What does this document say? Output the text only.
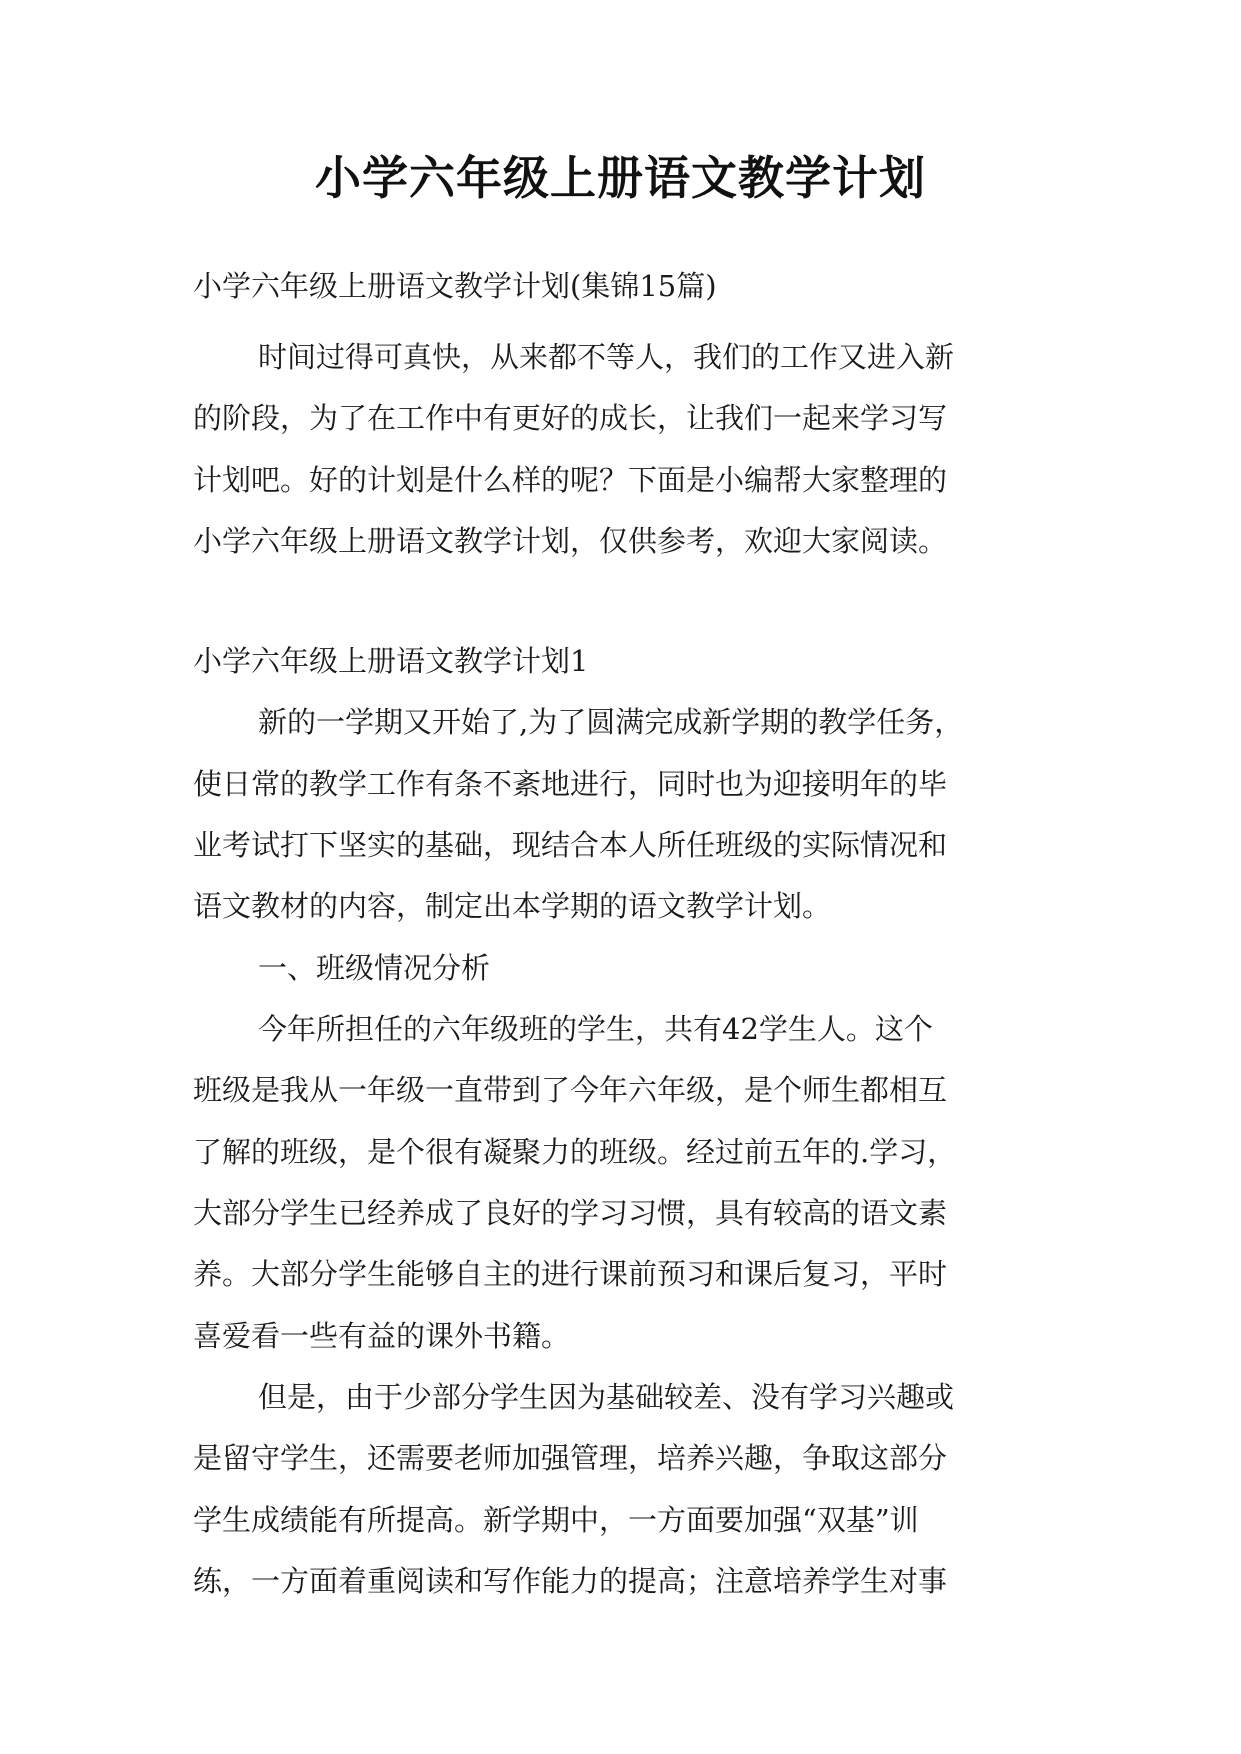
小学六年级上册语文教学计划

小学六年级上册语文教学计划(集锦15篇)

时间过得可真快，从来都不等人，我们的工作又进入新

的阶段，为了在工作中有更好的成长，让我们一起来学习写

计划吧。好的计划是什么样的呢？下面是小编帮大家整理的

小学六年级上册语文教学计划，仅供参考，欢迎大家阅读。

小学六年级上册语文教学计划1

新的一学期又开始了,为了圆满完成新学期的教学任务，

使日常的教学工作有条不紊地进行，同时也为迎接明年的毕

业考试打下坚实的基础，现结合本人所任班级的实际情况和

语文教材的内容，制定出本学期的语文教学计划。

一、班级情况分析

今年所担任的六年级班的学生，共有42学生人。这个

班级是我从一年级一直带到了今年六年级，是个师生都相互

了解的班级，是个很有凝聚力的班级。经过前五年的.学习，

大部分学生已经养成了良好的学习习惯，具有较高的语文素

养。大部分学生能够自主的进行课前预习和课后复习，平时

喜爱看一些有益的课外书籍。

但是，由于少部分学生因为基础较差、没有学习兴趣或

是留守学生，还需要老师加强管理，培养兴趣，争取这部分

学生成绩能有所提高。新学期中，一方面要加强“双基”训

练，一方面着重阅读和写作能力的提高；注意培养学生对事
